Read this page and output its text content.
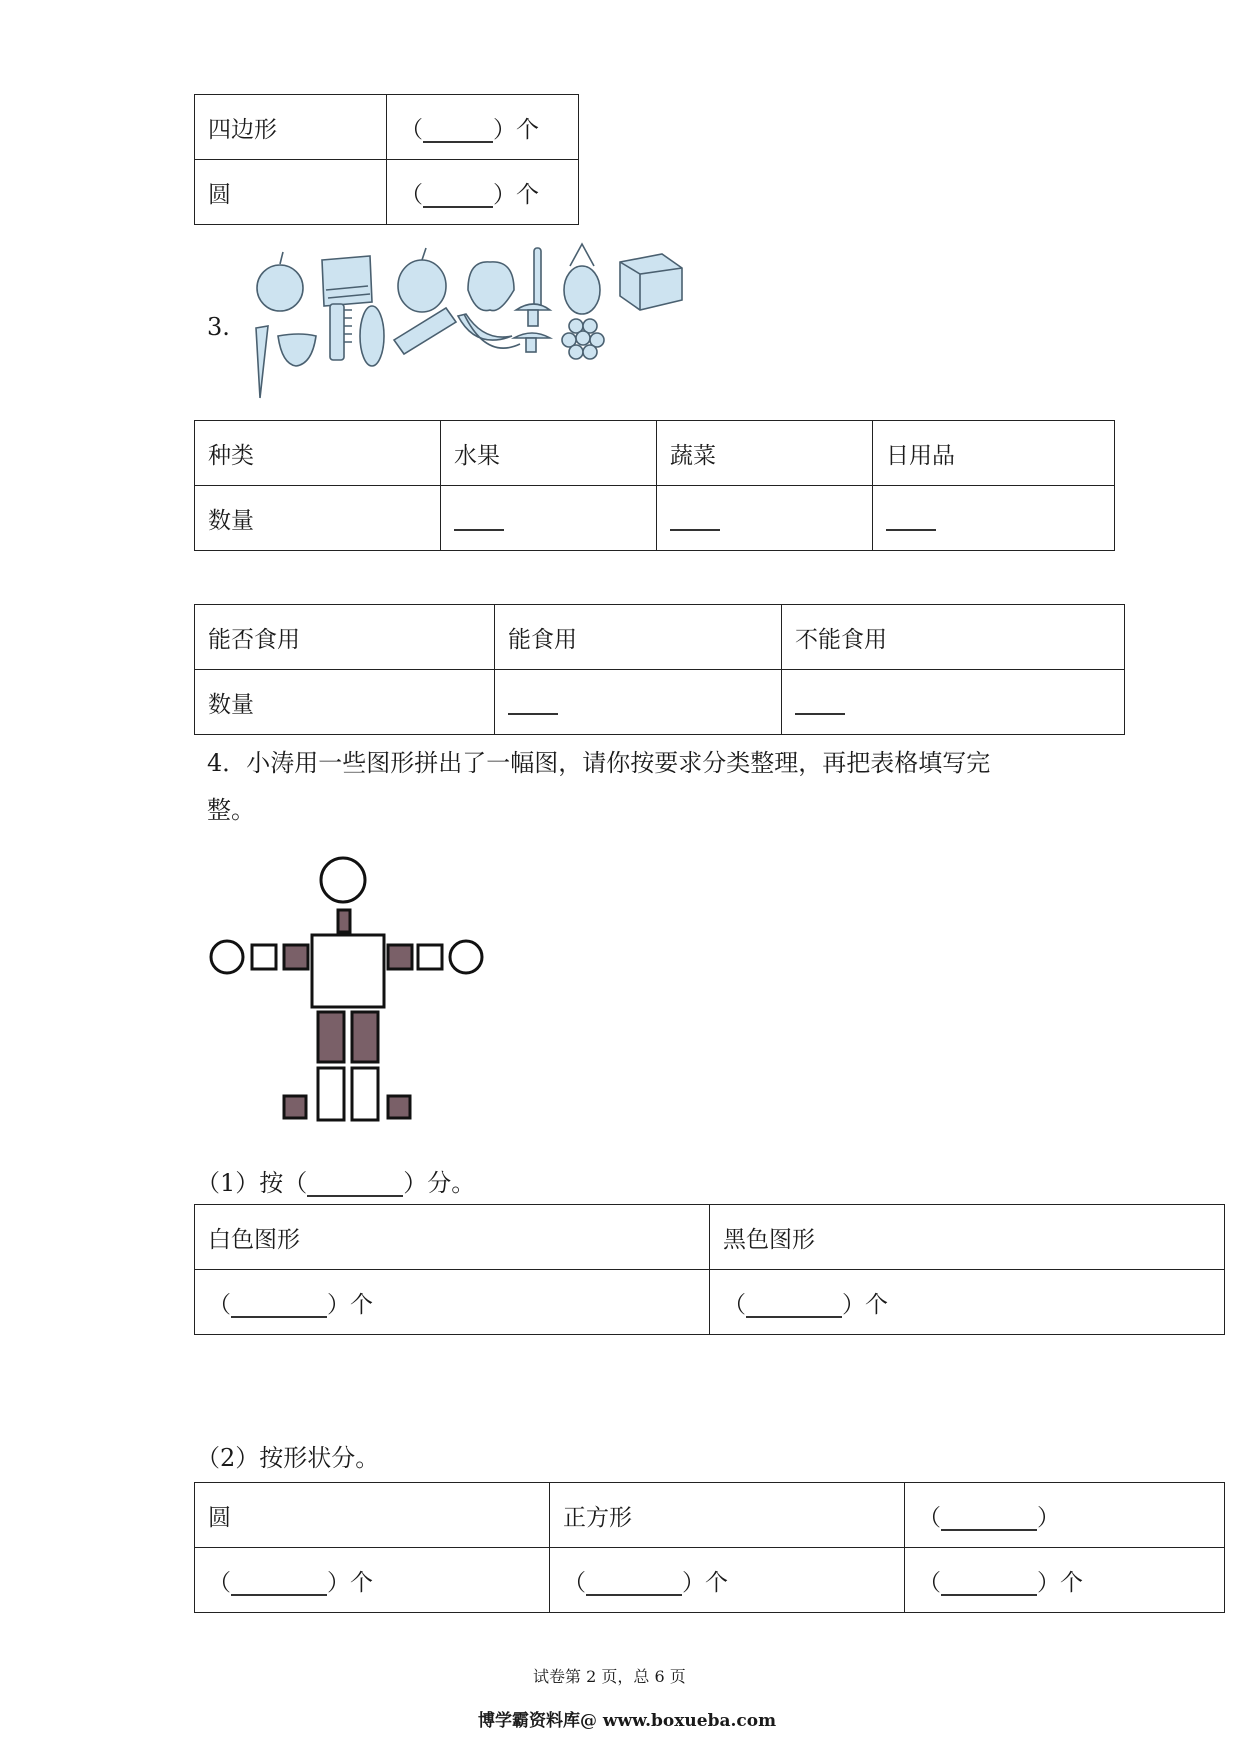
四边形	（ ）个
圆	（ ）个
3.
种类	水果	蔬菜	日用品
数量			
能否食用	能食用	不能食用
数量		
4．小涛用一些图形拼出了一幅图，请你按要求分类整理，再把表格填写完
整。
（1）按（	）分。
白色图形	黑色图形
（ ）个	（ ）个
（2）按形状分。
圆	正方形	（ ）
（ ）个	（ ）个	（ ）个
试卷第 2 页，总 6 页
博学霸资料库@ www.boxueba.com
